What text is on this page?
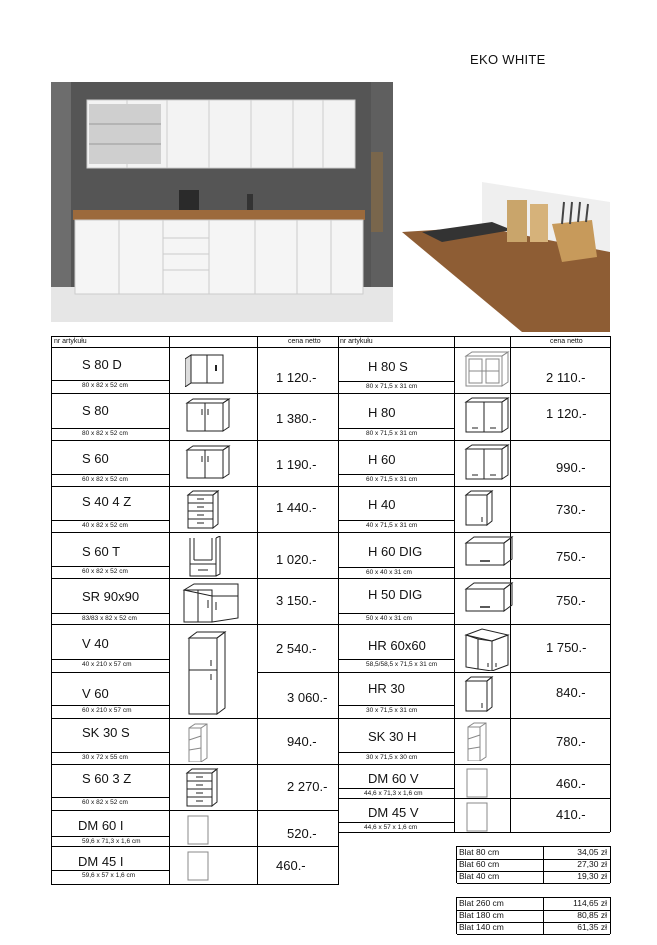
EKO WHITE
nr artykułu	cena netto	nr artykułu	cena netto
S 80 D
80 x 82 x 52 cm
1 120.-
S 80
80 x 82 x 52 cm
1 380.-
S 60
60 x 82 x 52 cm
1 190.-
S 40 4 Z
40 x 82 x 52 cm
1 440.-
S 60 T
60 x 82 x 52 cm
1 020.-
SR 90x90
83/83 x 82 x 52 cm
3 150.-
V 40
40 x 210 x 57 cm
2 540.-
V 60
60 x 210 x 57 cm
3 060.-
SK 30 S
30 x 72 x 55 cm
940.-
S 60 3 Z
60 x 82 x 52 cm
2 270.-
DM 60 I
59,6 x 71,3 x 1,6 cm
520.-
DM 45 I
59,6 x 57 x 1,6 cm
460.-
H 80 S
80 x 71,5 x 31 cm
2 110.-
H 80
80 x 71,5 x 31 cm
1 120.-
H 60
60 x 71,5 x 31 cm
990.-
H 40
40 x 71,5 x 31 cm
730.-
H 60 DIG
60 x 40 x 31 cm
750.-
H 50 DIG
50 x 40 x 31 cm
750.-
HR 60x60
58,5/58,5 x 71,5 x 31 cm
1 750.-
HR 30
30 x 71,5 x 31 cm
840.-
SK 30 H
30 x 71,5 x 30 cm
780.-
DM 60 V
44,6 x 71,3 x 1,6 cm
460.-
DM 45 V
44,6 x 57 x 1,6 cm
410.-
Blat 80 cm	34,05 zł
Blat 60 cm	27,30 zł
Blat 40 cm	19,30 zł
Blat 260 cm	114,65 zł
Blat 180 cm	80,85 zł
Blat 140 cm	61,35 zł
